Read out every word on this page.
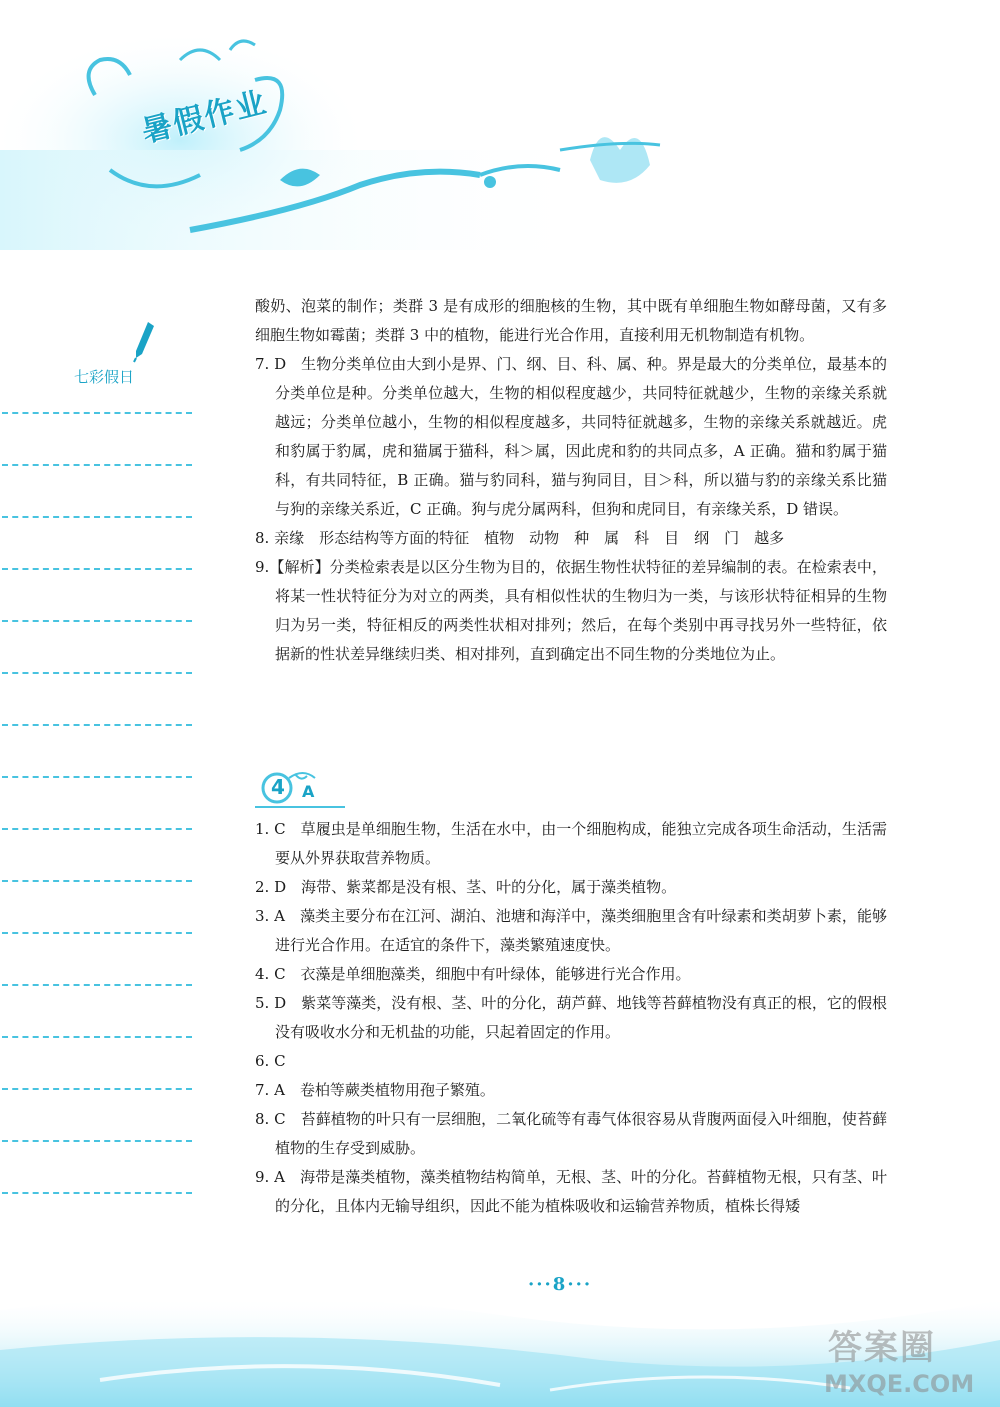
暑假作业
七彩假日

酸奶、泡菜的制作；类群 3 是有成形的细胞核的生物，其中既有单细胞生物如酵母菌，又有多细胞生物如霉菌；类群 3 中的植物，能进行光合作用，直接利用无机物制造有机物。

7. D　生物分类单位由大到小是界、门、纲、目、科、属、种。界是最大的分类单位，最基本的分类单位是种。分类单位越大，生物的相似程度越少，共同特征就越少，生物的亲缘关系就越远；分类单位越小，生物的相似程度越多，共同特征就越多，生物的亲缘关系就越近。虎和豹属于豹属，虎和猫属于猫科，科＞属，因此虎和豹的共同点多，A 正确。猫和豹属于猫科，有共同特征，B 正确。猫与豹同科，猫与狗同目，目＞科，所以猫与豹的亲缘关系比猫与狗的亲缘关系近，C 正确。狗与虎分属两科，但狗和虎同目，有亲缘关系，D 错误。

8. 亲缘　形态结构等方面的特征　植物　动物　种　属　科　目　纲　门　越多

9.【解析】分类检索表是以区分生物为目的，依据生物性状特征的差异编制的表。在检索表中，将某一性状特征分为对立的两类，具有相似性状的生物归为一类，与该形状特征相异的生物归为另一类，特征相反的两类性状相对排列；然后，在每个类别中再寻找另外一些特征，依据新的性状差异继续归类、相对排列，直到确定出不同生物的分类地位为止。

A
4

1. C　草履虫是单细胞生物，生活在水中，由一个细胞构成，能独立完成各项生命活动，生活需要从外界获取营养物质。

2. D　海带、紫菜都是没有根、茎、叶的分化，属于藻类植物。

3. A　藻类主要分布在江河、湖泊、池塘和海洋中，藻类细胞里含有叶绿素和类胡萝卜素，能够进行光合作用。在适宜的条件下，藻类繁殖速度快。

4. C　衣藻是单细胞藻类，细胞中有叶绿体，能够进行光合作用。

5. D　紫菜等藻类，没有根、茎、叶的分化，葫芦藓、地钱等苔藓植物没有真正的根，它的假根没有吸收水分和无机盐的功能，只起着固定的作用。

6. C

7. A　卷柏等蕨类植物用孢子繁殖。

8. C　苔藓植物的叶只有一层细胞，二氧化硫等有毒气体很容易从背腹两面侵入叶细胞，使苔藓植物的生存受到威胁。

9. A　海带是藻类植物，藻类植物结构简单，无根、茎、叶的分化。苔藓植物无根，只有茎、叶的分化，且体内无输导组织，因此不能为植株吸收和运输营养物质，植株长得矮

···8···
答案圈
MXQE.COM
